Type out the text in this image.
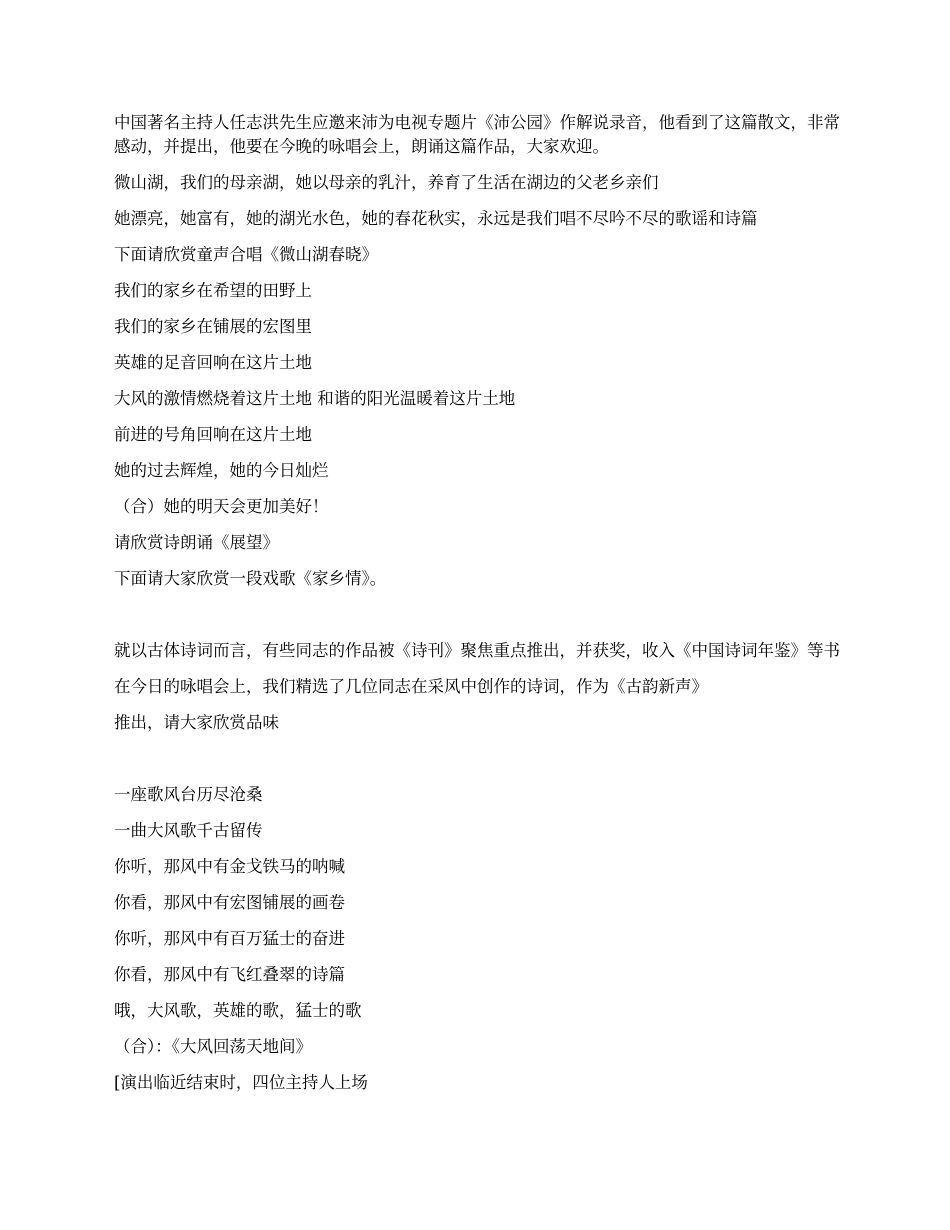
中国著名主持人任志洪先生应邀来沛为电视专题片《沛公园》作解说录音，他看到了这篇散文，非常感动，并提出，他要在今晚的咏唱会上，朗诵这篇作品，大家欢迎。

微山湖，我们的母亲湖，她以母亲的乳汁，养育了生活在湖边的父老乡亲们

她漂亮，她富有，她的湖光水色，她的春花秋实，永远是我们唱不尽吟不尽的歌谣和诗篇

下面请欣赏童声合唱《微山湖春晓》

我们的家乡在希望的田野上

我们的家乡在铺展的宏图里

英雄的足音回响在这片土地

大风的激情燃烧着这片土地 和谐的阳光温暖着这片土地

前进的号角回响在这片土地

她的过去辉煌，她的今日灿烂

（合）她的明天会更加美好！

请欣赏诗朗诵《展望》

下面请大家欣赏一段戏歌《家乡情》。

就以古体诗词而言，有些同志的作品被《诗刊》聚焦重点推出，并获奖，收入《中国诗词年鉴》等书

在今日的咏唱会上，我们精选了几位同志在采风中创作的诗词，作为《古韵新声》

推出，请大家欣赏品味

一座歌风台历尽沧桑

一曲大风歌千古留传

你听，那风中有金戈铁马的呐喊

你看，那风中有宏图铺展的画卷

你听，那风中有百万猛士的奋进

你看，那风中有飞红叠翠的诗篇

哦，大风歌，英雄的歌，猛士的歌

（合）：《大风回荡天地间》

[演出临近结束时，四位主持人上场
